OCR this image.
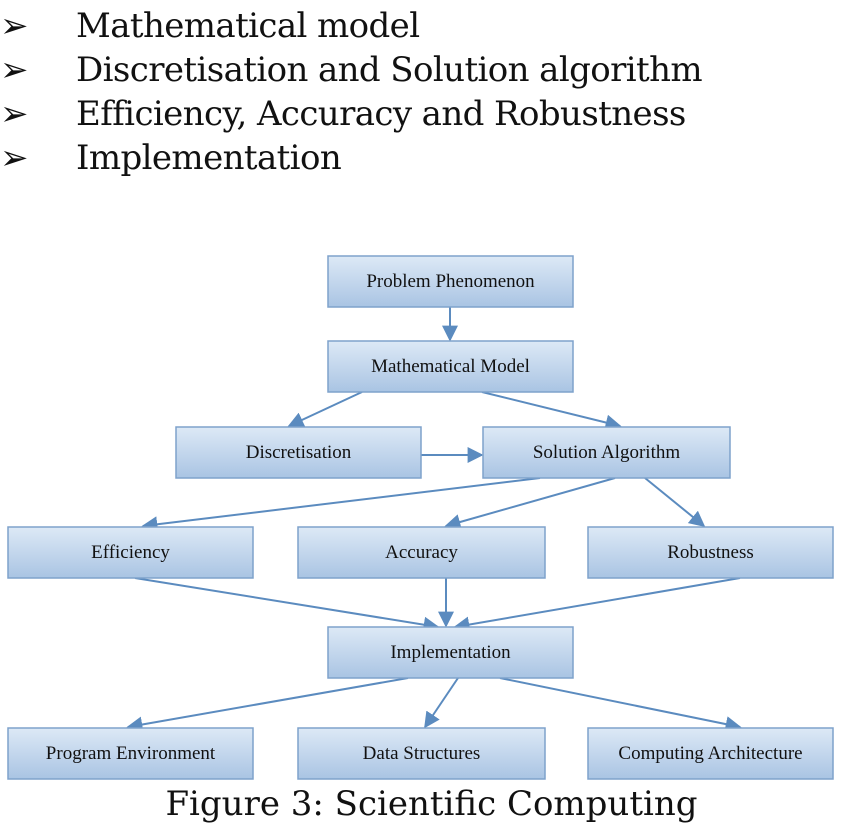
➢	Mathematical model
➢	Discretisation and Solution algorithm
➢	Efficiency, Accuracy and Robustness
➢	Implementation
Problem Phenomenon
Mathematical Model
Discretisation	Solution Algorithm
Efficiency	Accuracy	Robustness
Implementation
Program Environment	Data Structures	Computing Architecture
Figure 3: Scientific Computing
